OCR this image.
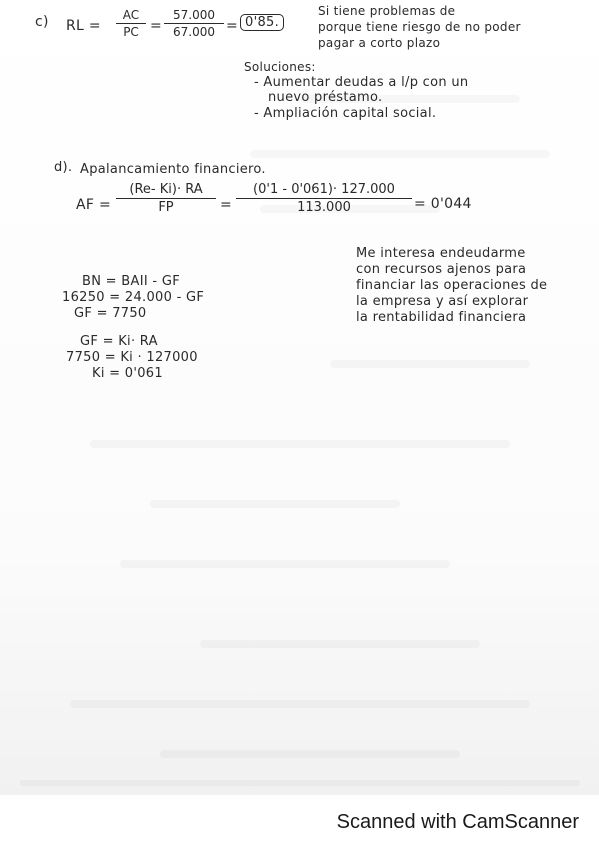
c) RL = $\frac{AC}{PC} = \frac{57.000}{67.000} = 0'85$.
Si tiene problemas de
porque tiene riesgo de no poder
pagar a corto plazo
Soluciones:
- Aumentar deudas a l/p con un
nuevo préstamo.
- Ampliación capital social.
d). Apalancamiento financiero.
AF = $\frac{(Re- Ki)\cdot RA}{FP} = \frac{(0'1 - 0'061)\cdot 127.000}{113.000} = 0'044$
Me interesa endeudarme
con recursos ajenos para
financiar las operaciones de
la empresa y así explorar
la rentabilidad financiera
BN = BAII - GF
16250 = 24.000 - GF
GF = 7750
GF = Ki· RA
7750 = Ki · 127000
Ki = 0'061
Scanned with CamScanner
